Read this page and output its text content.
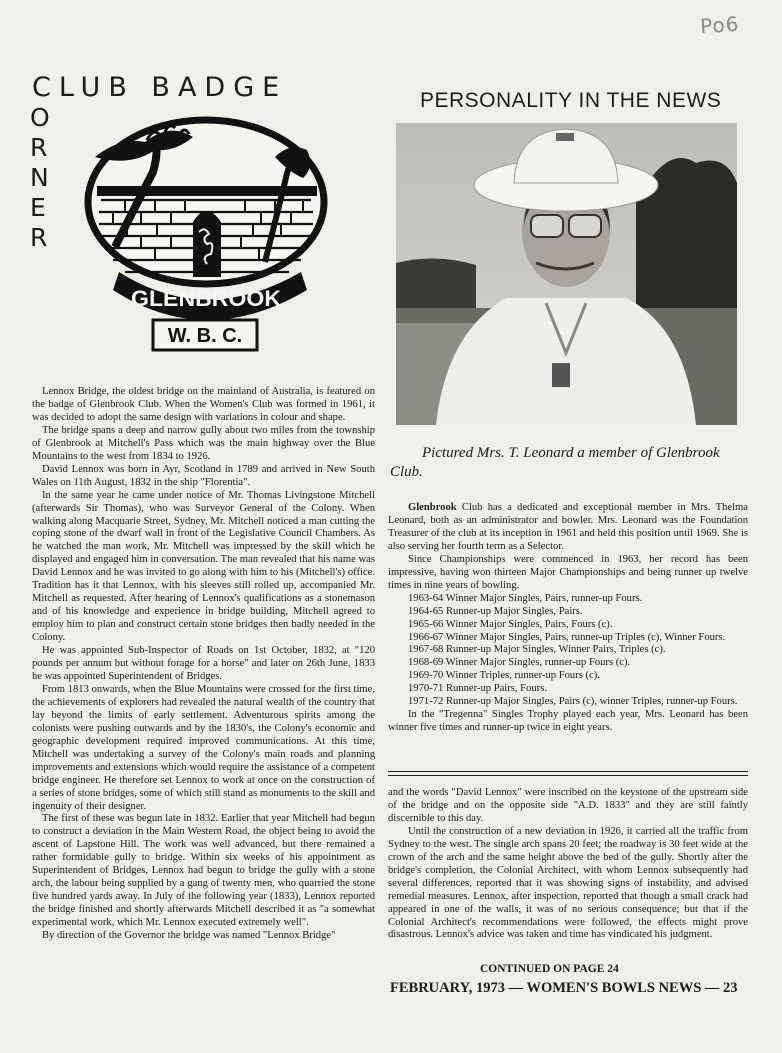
Po6
CLUB BADGE
O
R
N
E
R
GLENBROOK
W. B. C.
PERSONALITY IN THE NEWS
Pictured Mrs. T. Leonard a member of Glenbrook Club.

Lennox Bridge, the oldest bridge on the mainland of Australia, is featured on the badge of Glenbrook Club. When the Women's Club was formed in 1961, it was decided to adopt the same design with variations in colour and shape.

The bridge spans a deep and narrow gully about two miles from the township of Glenbrook at Mitchell's Pass which was the main highway over the Blue Mountains to the west from 1834 to 1926.

David Lennox was born in Ayr, Scotland in 1789 and arrived in New South Wales on 11th August, 1832 in the ship "Florentia".

In the same year he came under notice of Mr. Thomas Livingstone Mitchell (afterwards Sir Thomas), who was Surveyor General of the Colony. When walking along Macquarie Street, Sydney, Mr. Mitchell noticed a man cutting the coping stone of the dwarf wall in front of the Legislative Council Chambers. As he watched the man work, Mr. Mitchell was impressed by the skill which he displayed and engaged him in conversation. The man revealed that his name was David Lennox and he was invited to go along with him to his (Mitchell's) office. Tradition has it that Lennox, with his sleeves still rolled up, accompanied Mr. Mitchell as requested. After hearing of Lennox's qualifications as a stonemason and of his knowledge and experience in bridge building, Mitchell agreed to employ him to plan and construct certain stone bridges then badly needed in the Colony.

He was appointed Sub-Inspector of Roads on 1st October, 1832, at "120 pounds per annum but without forage for a horse" and later on 26th June, 1833 he was appointed Superintendent of Bridges.

From 1813 onwards, when the Blue Mountains were crossed for the first time, the achievements of explorers had revealed the natural wealth of the country that lay beyond the limits of early settlement. Adventurous spirits among the colonists were pushing outwards and by the 1830's, the Colony's economic and geographic development required improved communications. At this time, Mitchell was undertaking a survey of the Colony's main roads and planning improvements and extensions which would require the assistance of a competent bridge engineer. He therefore set Lennox to work at once on the construction of a series of stone bridges, some of which still stand as monuments to the skill and ingenuity of their designer.

The first of these was begun late in 1832. Earlier that year Mitchell had begun to construct a deviation in the Main Western Road, the object being to avoid the ascent of Lapstone Hill. The work was well advanced, but there remained a rather formidable gully to bridge. Within six weeks of his appointment as Superintendent of Bridges, Lennox had begun to bridge the gully with a stone arch, the labour being supplied by a gang of twenty men, who quarried the stone five hundred yards away. In July of the following year (1833), Lennox reported the bridge finished and shortly afterwards Mitchell described it as "a somewhat experimental work, which Mr. Lennox executed extremely well".

By direction of the Governor the bridge was named "Lennox Bridge"

Glenbrook Club has a dedicated and exceptional member in Mrs. Thelma Leonard, both as an administrator and bowler. Mrs. Leonard was the Foundation Treasurer of the club at its inception in 1961 and held this position until 1969. She is also serving her fourth term as a Selector.

Since Championships were commenced in 1963, her record has been impressive, having won thirteen Major Championships and being runner up twelve times in nine years of bowling.

1963-64 Winner Major Singles, Pairs, runner-up Fours.

1964-65 Runner-up Major Singles, Pairs.

1965-66 Winner Major Singles, Pairs, Fours (c).

1966-67 Winner Major Singles, Pairs, runner-up Triples (c), Winner Fours.

1967-68 Runner-up Major Singles, Winner Pairs, Triples (c).

1968-69 Winner Major Singles, runner-up Fours (c).

1969-70 Winner Triples, runner-up Fours (c).

1970-71 Runner-up Pairs, Fours.

1971-72 Runner-up Major Singles, Pairs (c), winner Triples, runner-up Fours.

In the "Tregenna" Singles Trophy played each year, Mrs. Leonard has been winner five times and runner-up twice in eight years.

and the words "David Lennox" were inscribed on the keystone of the upstream side of the bridge and on the opposite side "A.D. 1833" and they are still faintly discernible to this day.

Until the construction of a new deviation in 1926, it carried all the traffic from Sydney to the west. The single arch spans 20 feet; the roadway is 30 feet wide at the crown of the arch and the same height above the bed of the gully. Shortly after the bridge's completion, the Colonial Architect, with whom Lennox subsequently had several differences, reported that it was showing signs of instability, and advised remedial measures. Lennox, after inspection, reported that though a small crack had appeared in one of the walls, it was of no serious consequence; but that if the Colonial Architect's recommendations were followed, the effects might prove disastrous. Lennox's advice was taken and time has vindicated his judgment.

CONTINUED ON PAGE 24
FEBRUARY, 1973 — WOMEN'S BOWLS NEWS — 23
